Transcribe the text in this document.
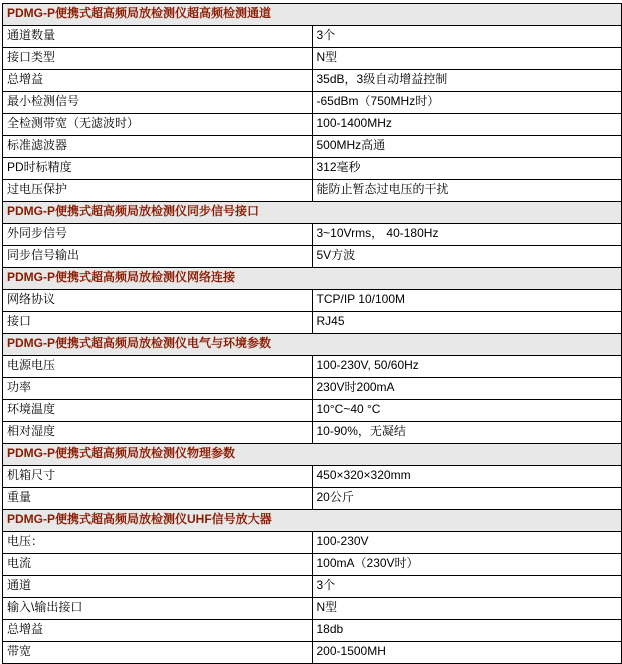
PDMG-P便携式超高频局放检测仪超高频检测通道	
通道数量	3个
接口类型	N型
总增益	35dB，3级自动增益控制
最小检测信号	-65dBm（750MHz时）
全检测带宽（无滤波时）	100-1400MHz
标准滤波器	500MHz高通
PD时标精度	312毫秒
过电压保护	能防止暂态过电压的干扰
PDMG-P便携式超高频局放检测仪同步信号接口	
外同步信号	3~10Vrms， 40-180Hz
同步信号输出	5V方波
PDMG-P便携式超高频局放检测仪网络连接	
网络协议	TCP/IP 10/100M
接口	RJ45
PDMG-P便携式超高频局放检测仪电气与环境参数	
电源电压	100-230V, 50/60Hz
功率	230V时200mA
环境温度	10°C~40 °C
相对湿度	10-90%，无凝结
PDMG-P便携式超高频局放检测仪物理参数	
机箱尺寸	450×320×320mm
重量	20公斤
PDMG-P便携式超高频局放检测仪UHF信号放大器	
电压：	100-230V
电流	100mA（230V时）
通道	3个
输入\输出接口	N型
总增益	18db
带宽	200-1500MH
